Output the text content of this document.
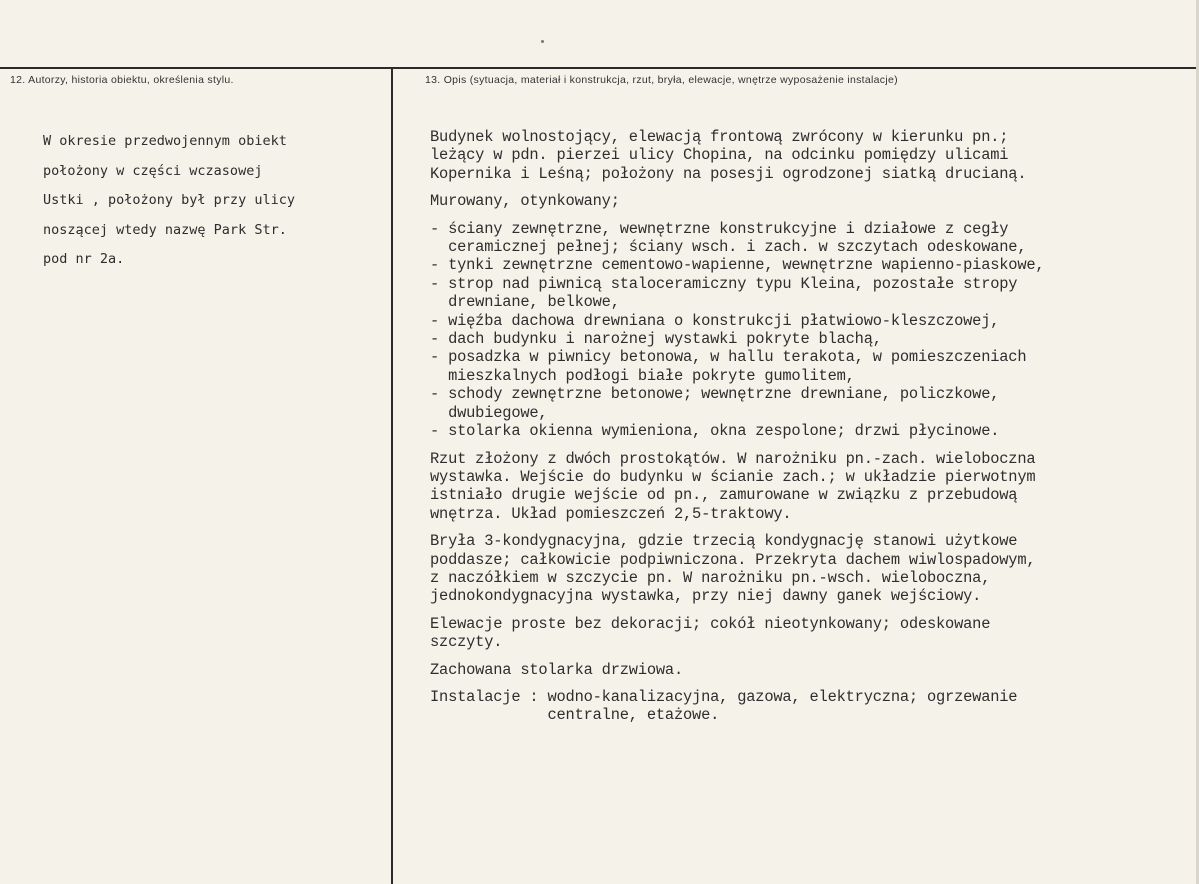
12. Autorzy, historia obiektu, określenia stylu.	13. Opis (sytuacja, materiał i konstrukcja, rzut, bryła, elewacje, wnętrze wyposażenie instalacje)
W okresie przedwojennym obiekt
położony w części wczasowej
Ustki , położony był przy ulicy
noszącej wtedy nazwę Park Str.
pod nr 2a.
Budynek wolnostojący, elewacją frontową zwrócony w kierunku pn.;
leżący w pdn. pierzei ulicy Chopina, na odcinku pomiędzy ulicami
Kopernika i Leśną; położony na posesji ogrodzonej siatką drucianą.
Murowany, otynkowany;
- ściany zewnętrzne, wewnętrzne konstrukcyjne i działowe z cegły
ceramicznej pełnej; ściany wsch. i zach. w szczytach odeskowane,
- tynki zewnętrzne cementowo-wapienne, wewnętrzne wapienno-piaskowe,
- strop nad piwnicą staloceramiczny typu Kleina, pozostałe stropy
drewniane, belkowe,
- więźba dachowa drewniana o konstrukcji płatwiowo-kleszczowej,
- dach budynku i narożnej wystawki pokryte blachą,
- posadzka w piwnicy betonowa, w hallu terakota, w pomieszczeniach
mieszkalnych podłogi białe pokryte gumolitem,
- schody zewnętrzne betonowe; wewnętrzne drewniane, policzkowe,
dwubiegowe,
- stolarka okienna wymieniona, okna zespolone; drzwi płycinowe.
Rzut złożony z dwóch prostokątów. W narożniku pn.-zach. wieloboczna
wystawka. Wejście do budynku w ścianie zach.; w układzie pierwotnym
istniało drugie wejście od pn., zamurowane w związku z przebudową
wnętrza. Układ pomieszczeń 2,5-traktowy.
Bryła 3-kondygnacyjna, gdzie trzecią kondygnację stanowi użytkowe
poddasze; całkowicie podpiwniczona. Przekryta dachem wiwlospadowym,
z naczółkiem w szczycie pn. W narożniku pn.-wsch. wieloboczna,
jednokondygnacyjna wystawka, przy niej dawny ganek wejściowy.
Elewacje proste bez dekoracji; cokół nieotynkowany; odeskowane
szczyty.
Zachowana stolarka drzwiowa.
Instalacje : wodno-kanalizacyjna, gazowa, elektryczna; ogrzewanie
centralne, etażowe.
